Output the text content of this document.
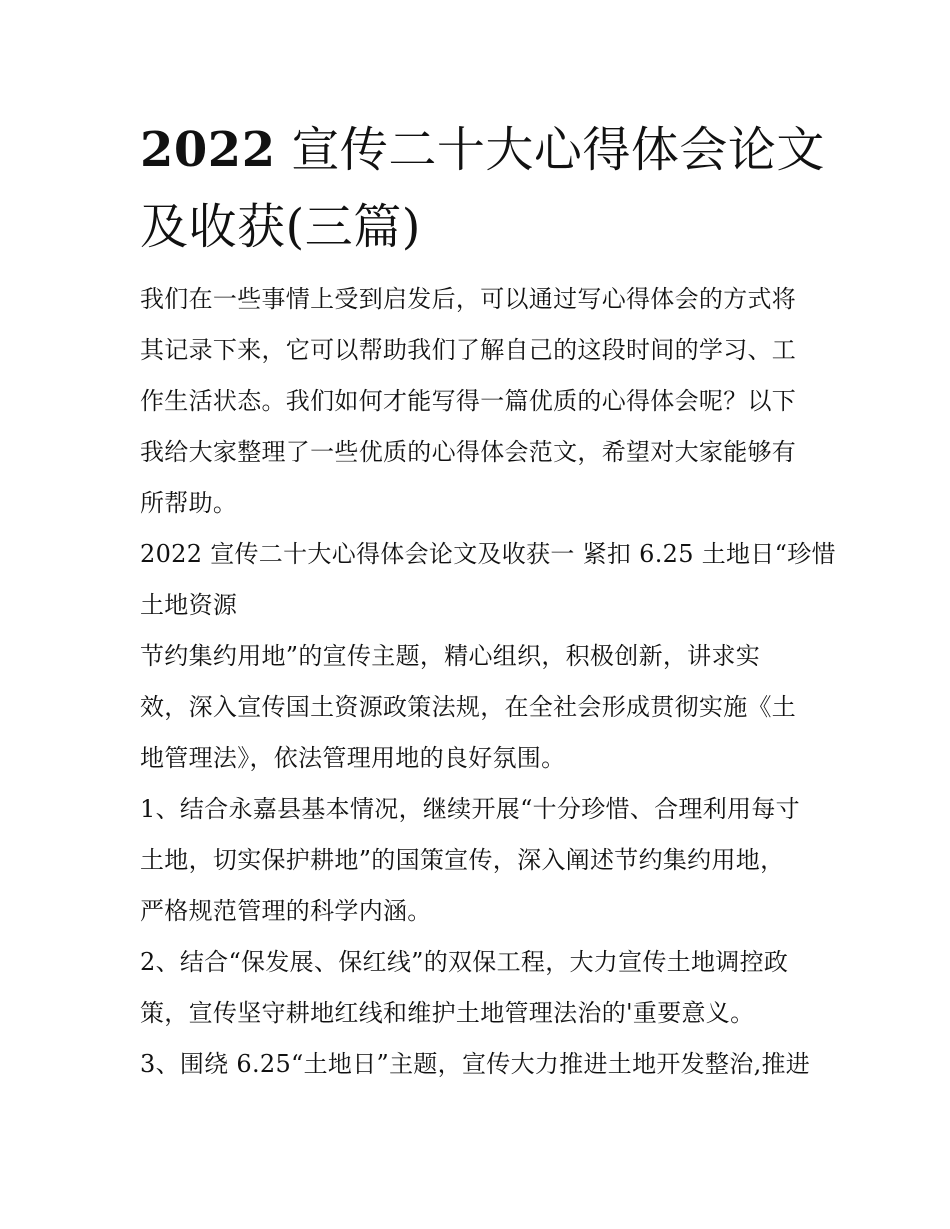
2022 宣传二十大心得体会论文
及收获(三篇)

我们在一些事情上受到启发后，可以通过写心得体会的方式将
其记录下来，它可以帮助我们了解自己的这段时间的学习、工
作生活状态。我们如何才能写得一篇优质的心得体会呢？以下
我给大家整理了一些优质的心得体会范文，希望对大家能够有
所帮助。

2022 宣传二十大心得体会论文及收获一 紧扣 6.25 土地日“珍惜
土地资源

节约集约用地”的宣传主题，精心组织，积极创新，讲求实
效，深入宣传国土资源政策法规，在全社会形成贯彻实施《土
地管理法》，依法管理用地的良好氛围。

1、结合永嘉县基本情况，继续开展“十分珍惜、合理利用每寸
土地，切实保护耕地”的国策宣传，深入阐述节约集约用地，
严格规范管理的科学内涵。

2、结合“保发展、保红线”的双保工程，大力宣传土地调控政
策，宣传坚守耕地红线和维护土地管理法治的'重要意义。

3、围绕 6.25“土地日”主题，宣传大力推进土地开发整治,推进
